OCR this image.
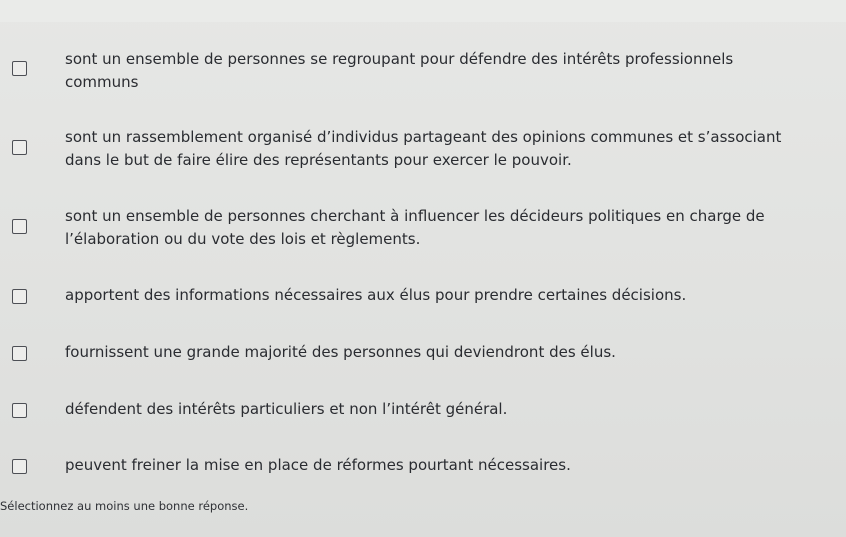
sont un ensemble de personnes se regroupant pour défendre des intérêts professionnels communs
sont un rassemblement organisé d’individus partageant des opinions communes et s’associant dans le but de faire élire des représentants pour exercer le pouvoir.
sont un ensemble de personnes cherchant à influencer les décideurs politiques en charge de l’élaboration ou du vote des lois et règlements.
apportent des informations nécessaires aux élus pour prendre certaines décisions.
fournissent une grande majorité des personnes qui deviendront des élus.
défendent des intérêts particuliers et non l’intérêt général.
peuvent freiner la mise en place de réformes pourtant nécessaires.
Sélectionnez au moins une bonne réponse.
